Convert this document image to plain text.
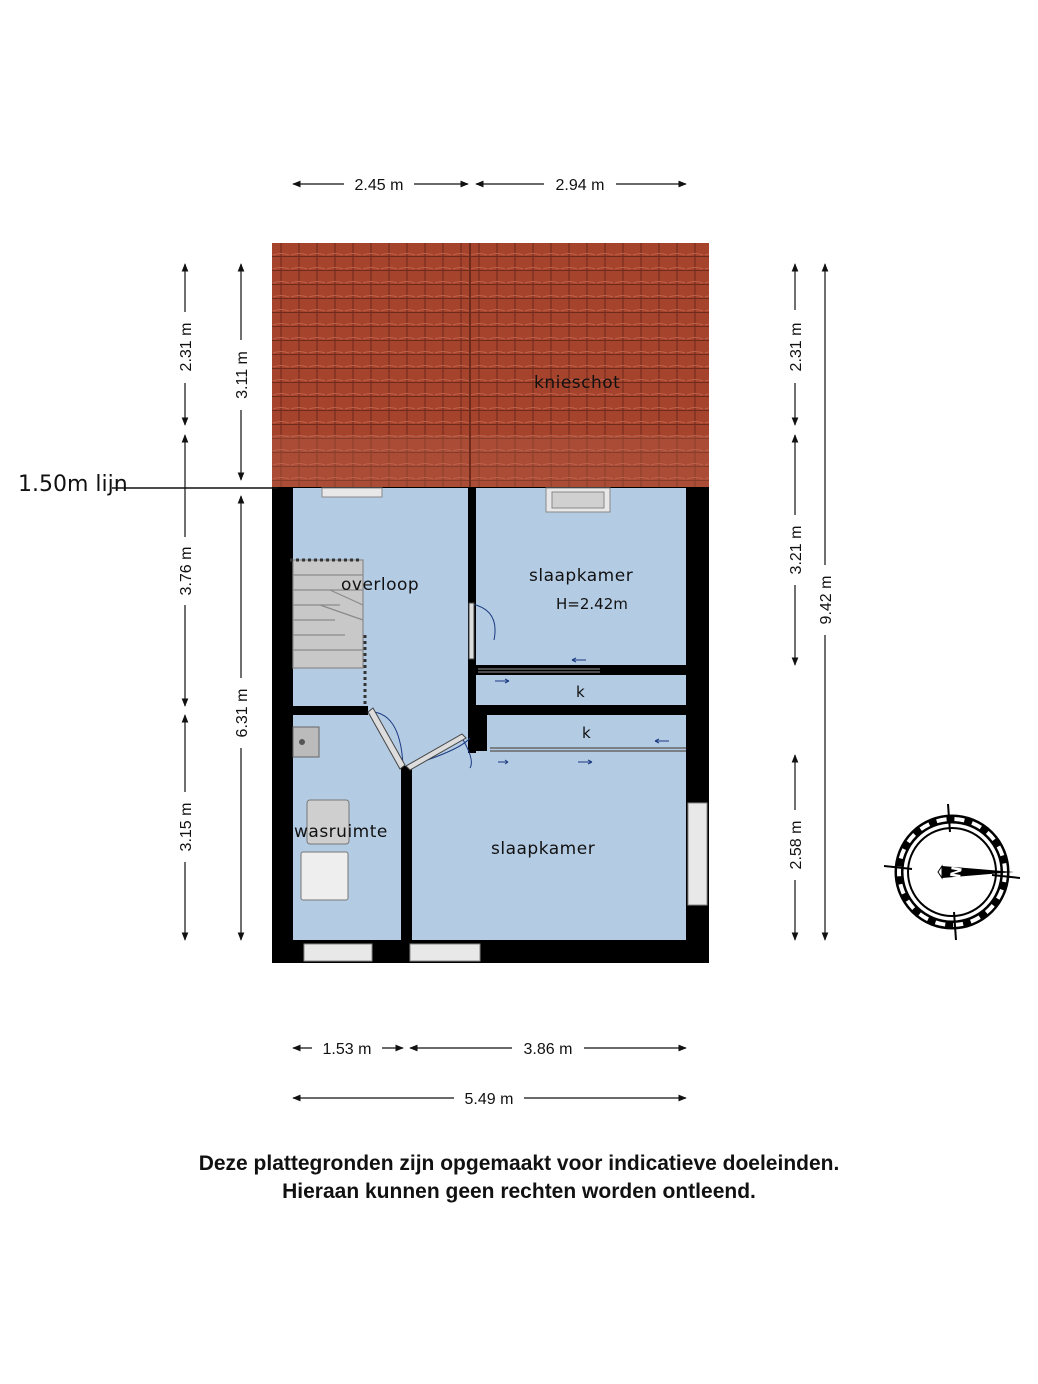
1.50m lijn
knieschot
overloop	slaapkamer
H=2.42m
k
k
wasruimte
slaapkamer
2.45 m	2.94 m
1.53 m	3.86 m
5.49 m
2.31 m
3.76 m
3.15 m
3.11 m
6.31 m
2.31 m
3.21 m
2.58 m
9.42 m
N
Deze plattegronden zijn opgemaakt voor indicatieve doeleinden.
Hieraan kunnen geen rechten worden ontleend.
